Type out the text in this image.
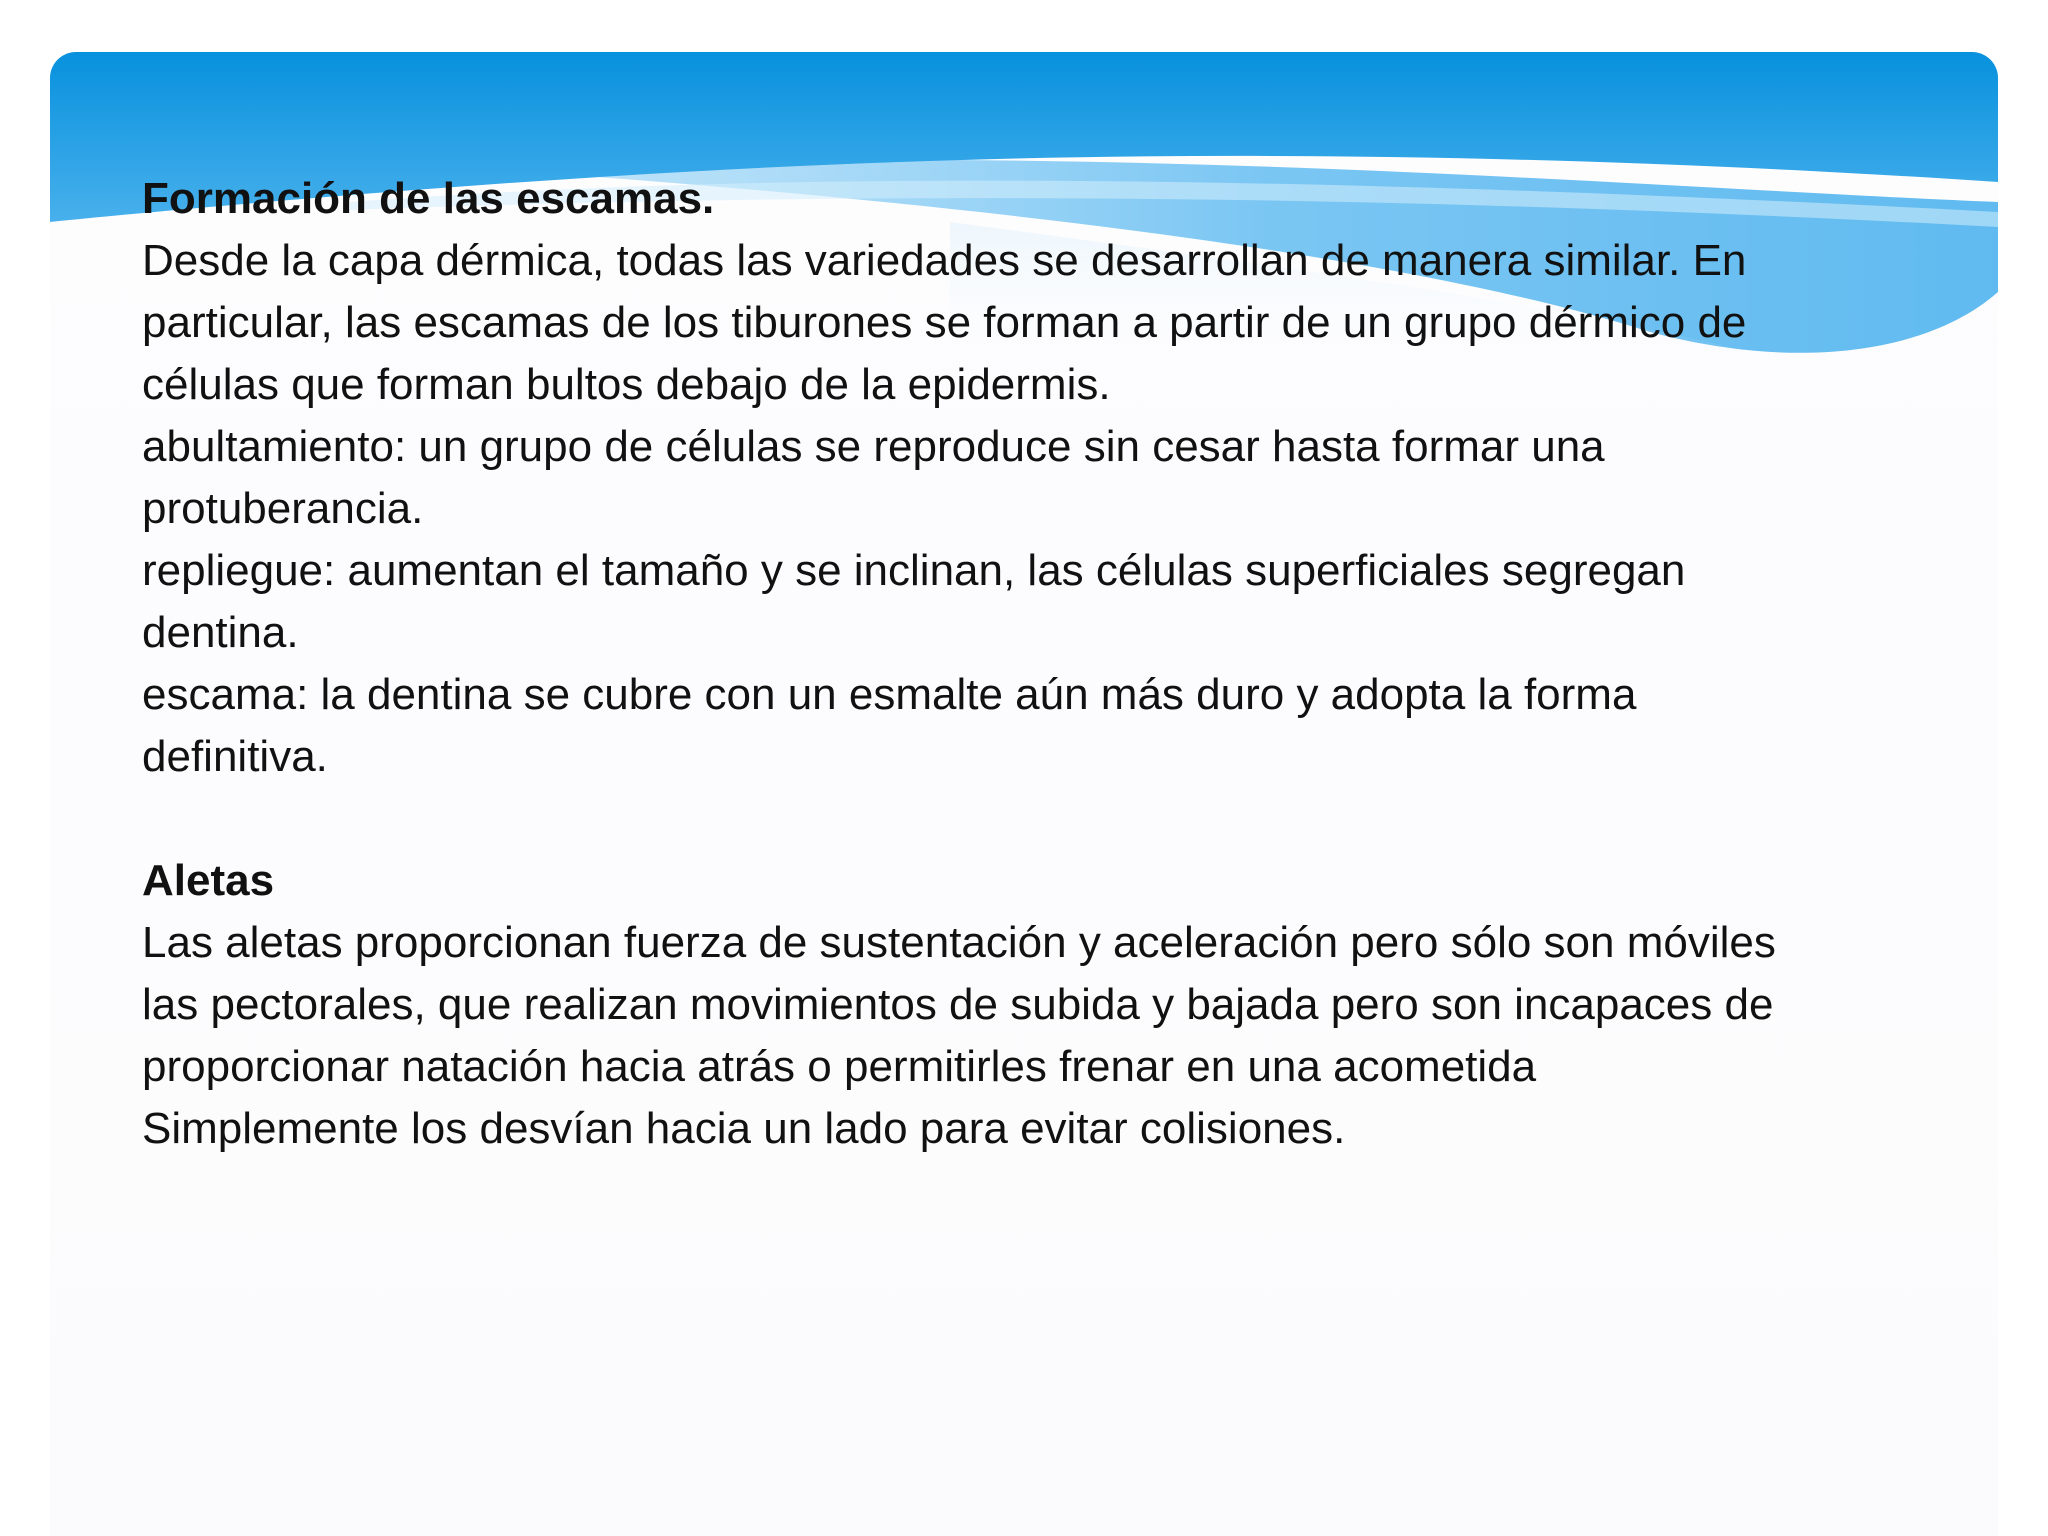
Formación de las escamas.

Desde la capa dérmica, todas las variedades se desarrollan de manera similar. En

particular, las escamas de los tiburones se forman a partir de un grupo dérmico de

células que forman bultos debajo de la epidermis.

abultamiento: un grupo de células se reproduce sin cesar hasta formar una

protuberancia.

repliegue: aumentan el tamaño y se inclinan, las células superficiales segregan

dentina.

escama: la dentina se cubre con un esmalte aún más duro y adopta la forma

definitiva.

Aletas

Las aletas proporcionan fuerza de sustentación y aceleración pero sólo son móviles

las pectorales, que realizan movimientos de subida y bajada pero son incapaces de

proporcionar natación hacia atrás o permitirles frenar en una acometida

Simplemente los desvían hacia un lado para evitar colisiones.
